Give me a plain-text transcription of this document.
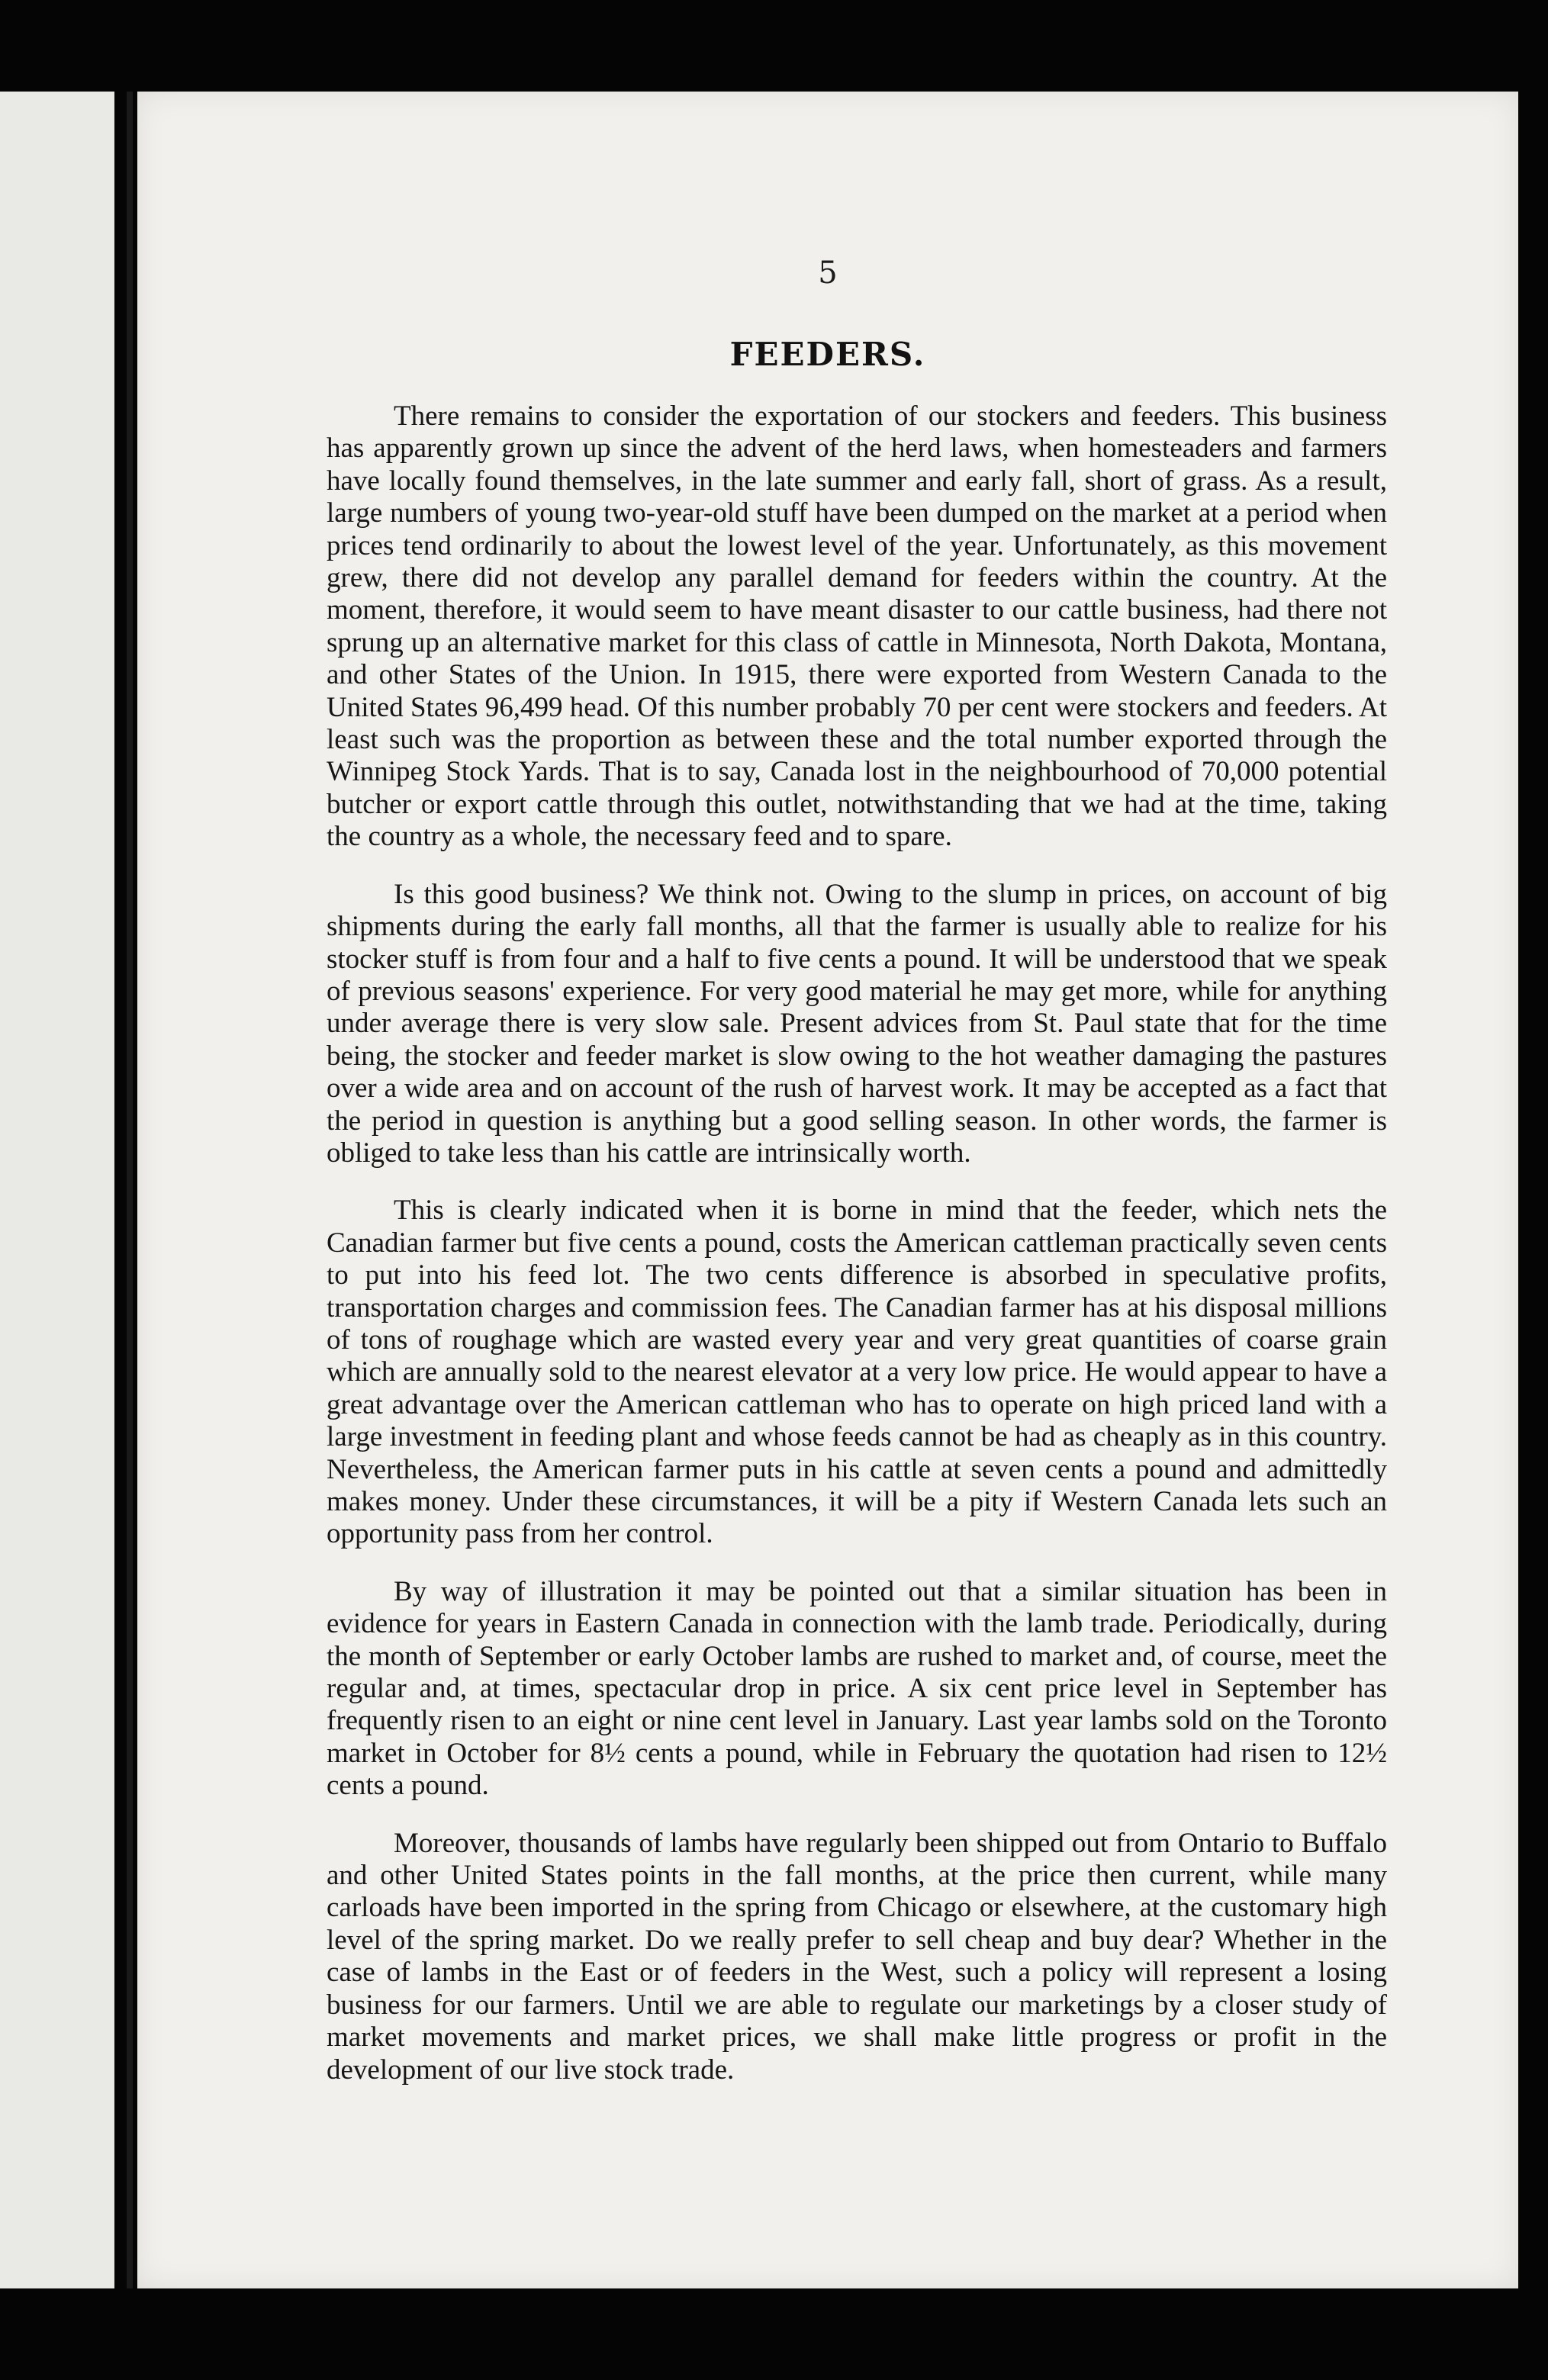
5
FEEDERS.

There remains to consider the exportation of our stockers and feeders. This business has apparently grown up since the advent of the herd laws, when homesteaders and farmers have locally found themselves, in the late summer and early fall, short of grass. As a result, large numbers of young two-year-old stuff have been dumped on the market at a period when prices tend ordinarily to about the lowest level of the year. Unfortunately, as this movement grew, there did not develop any parallel demand for feeders within the country. At the moment, therefore, it would seem to have meant disaster to our cattle business, had there not sprung up an alternative market for this class of cattle in Minnesota, North Dakota, Montana, and other States of the Union. In 1915, there were exported from Western Canada to the United States 96,499 head. Of this number probably 70 per cent were stockers and feeders. At least such was the proportion as between these and the total number exported through the Winnipeg Stock Yards. That is to say, Canada lost in the neighbourhood of 70,000 potential butcher or export cattle through this outlet, notwithstanding that we had at the time, taking the country as a whole, the necessary feed and to spare.

Is this good business? We think not. Owing to the slump in prices, on account of big shipments during the early fall months, all that the farmer is usually able to realize for his stocker stuff is from four and a half to five cents a pound. It will be understood that we speak of previous seasons' experience. For very good material he may get more, while for anything under average there is very slow sale. Present advices from St. Paul state that for the time being, the stocker and feeder market is slow owing to the hot weather damaging the pastures over a wide area and on account of the rush of harvest work. It may be accepted as a fact that the period in question is anything but a good selling season. In other words, the farmer is obliged to take less than his cattle are intrinsically worth.

This is clearly indicated when it is borne in mind that the feeder, which nets the Canadian farmer but five cents a pound, costs the American cattleman practically seven cents to put into his feed lot. The two cents difference is absorbed in speculative profits, transportation charges and commission fees. The Canadian farmer has at his disposal millions of tons of roughage which are wasted every year and very great quantities of coarse grain which are annually sold to the nearest elevator at a very low price. He would appear to have a great advantage over the American cattleman who has to operate on high priced land with a large investment in feeding plant and whose feeds cannot be had as cheaply as in this country. Nevertheless, the American farmer puts in his cattle at seven cents a pound and admittedly makes money. Under these circumstances, it will be a pity if Western Canada lets such an opportunity pass from her control.

By way of illustration it may be pointed out that a similar situation has been in evidence for years in Eastern Canada in connection with the lamb trade. Periodically, during the month of September or early October lambs are rushed to market and, of course, meet the regular and, at times, spectacular drop in price. A six cent price level in September has frequently risen to an eight or nine cent level in January. Last year lambs sold on the Toronto market in October for 8½ cents a pound, while in February the quotation had risen to 12½ cents a pound.

Moreover, thousands of lambs have regularly been shipped out from Ontario to Buffalo and other United States points in the fall months, at the price then current, while many carloads have been imported in the spring from Chicago or elsewhere, at the customary high level of the spring market. Do we really prefer to sell cheap and buy dear? Whether in the case of lambs in the East or of feeders in the West, such a policy will represent a losing business for our farmers. Until we are able to regulate our marketings by a closer study of market movements and market prices, we shall make little progress or profit in the development of our live stock trade.
